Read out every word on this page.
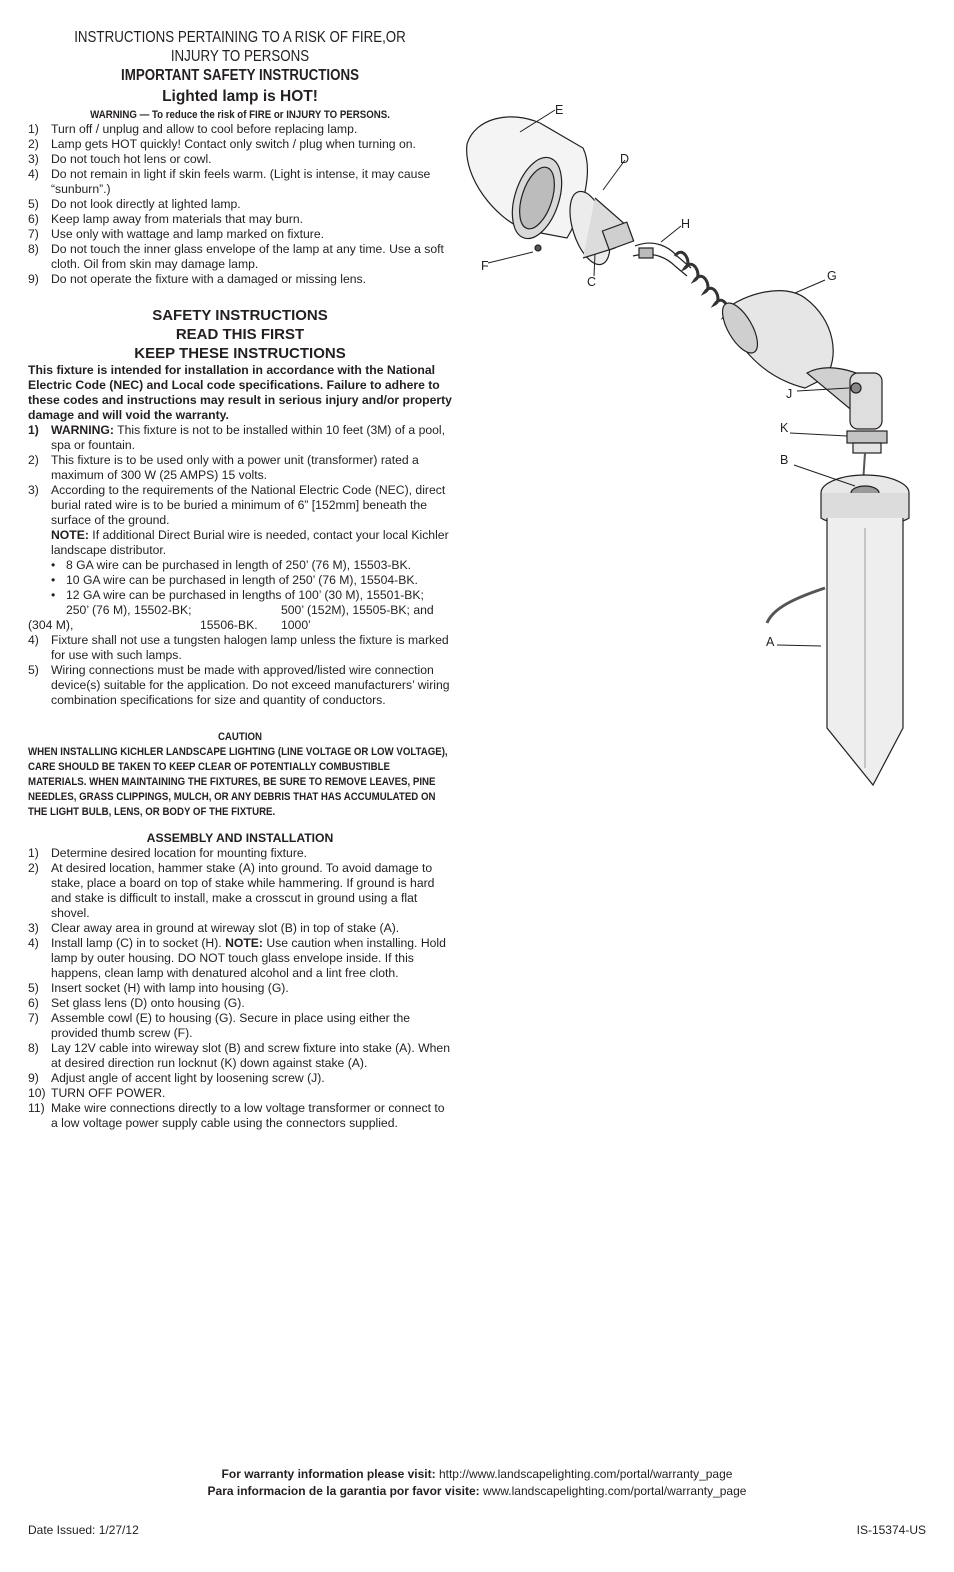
INSTRUCTIONS PERTAINING TO A RISK OF FIRE,OR INJURY TO PERSONS
IMPORTANT SAFETY INSTRUCTIONS
Lighted lamp is HOT!
WARNING — To reduce the risk of FIRE or INJURY TO PERSONS.
1) Turn off / unplug and allow to cool before replacing lamp.
2) Lamp gets HOT quickly! Contact only switch / plug when turning on.
3) Do not touch hot lens or cowl.
4) Do not remain in light if skin feels warm. (Light is intense, it may cause “sunburn”.)
5) Do not look directly at lighted lamp.
6) Keep lamp away from materials that may burn.
7) Use only with wattage and lamp marked on fixture.
8) Do not touch the inner glass envelope of the lamp at any time. Use a soft cloth. Oil from skin may damage lamp.
9) Do not operate the fixture with a damaged or missing lens.
SAFETY INSTRUCTIONS
READ THIS FIRST
KEEP THESE INSTRUCTIONS
This fixture is intended for installation in accordance with the National Electric Code (NEC) and Local code specifications. Failure to adhere to these codes and instructions may result in serious injury and/or property damage and will void the warranty.
1) WARNING: This fixture is not to be installed within 10 feet (3M) of a pool, spa or fountain.
2) This fixture is to be used only with a power unit (transformer) rated a maximum of 300 W (25 AMPS) 15 volts.
3) According to the requirements of the National Electric Code (NEC), direct burial rated wire is to be buried a minimum of 6” [152mm] beneath the surface of the ground.
NOTE: If additional Direct Burial wire is needed, contact your local Kichler landscape distributor.
• 8 GA wire can be purchased in length of 250’ (76 M), 15503-BK.
• 10 GA wire can be purchased in length of 250’ (76 M), 15504-BK.
• 12 GA wire can be purchased in lengths of 100’ (30 M), 15501-BK;
250’ (76 M), 15502-BK;	500’ (152M), 15505-BK; and 1000’
(304 M),	15506-BK.
4) Fixture shall not use a tungsten halogen lamp unless the fixture is marked for use with such lamps.
5) Wiring connections must be made with approved/listed wire connection device(s) suitable for the application. Do not exceed manufacturers’ wiring combination specifications for size and quantity of conductors.
CAUTION
WHEN INSTALLING KICHLER LANDSCAPE LIGHTING (LINE VOLTAGE OR LOW VOLTAGE), CARE SHOULD BE TAKEN TO KEEP CLEAR OF POTENTIALLY COMBUSTIBLE MATERIALS. WHEN MAINTAINING THE FIXTURES, BE SURE TO REMOVE LEAVES, PINE NEEDLES, GRASS CLIPPINGS, MULCH, OR ANY DEBRIS THAT HAS ACCUMULATED ON THE LIGHT BULB, LENS, OR BODY OF THE FIXTURE.
ASSEMBLY AND INSTALLATION
1) Determine desired location for mounting fixture.
2) At desired location, hammer stake (A) into ground. To avoid damage to stake, place a board on top of stake while hammering. If ground is hard and stake is difficult to install, make a crosscut in ground using a flat shovel.
3) Clear away area in ground at wireway slot (B) in top of stake (A).
4) Install lamp (C) in to socket (H). NOTE: Use caution when installing. Hold lamp by outer housing. DO NOT touch glass envelope inside. If this happens, clean lamp with denatured alcohol and a lint free cloth.
5) Insert socket (H) with lamp into housing (G).
6) Set glass lens (D) onto housing (G).
7) Assemble cowl (E) to housing (G). Secure in place using either the provided thumb screw (F).
8) Lay 12V cable into wireway slot (B) and screw fixture into stake (A). When at desired direction run locknut (K) down against stake (A).
9) Adjust angle of accent light by loosening screw (J).
10) TURN OFF POWER.
11) Make wire connections directly to a low voltage transformer or connect to a low voltage power supply cable using the connectors supplied.
E
D
H
F
C	G
J
K
B
A
For warranty information please visit: http://www.landscapelighting.com/portal/warranty_page
Para informacion de la garantia por favor visite: www.landscapelighting.com/portal/warranty_page
Date Issued: 1/27/12	IS-15374-US
